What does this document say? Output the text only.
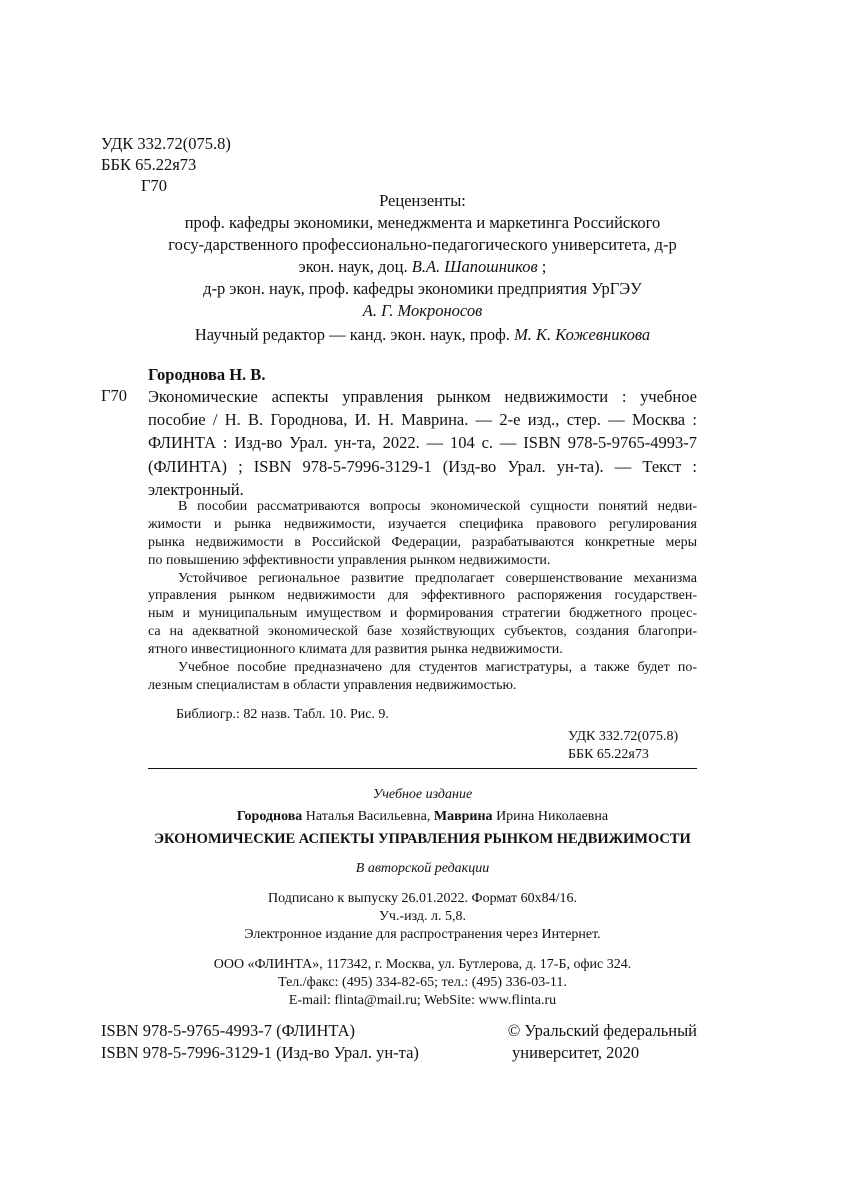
УДК 332.72(075.8)
ББК 65.22я73
Г70
Рецензенты:
проф. кафедры экономики, менеджмента и маркетинга Российского
госу-дарственного профессионально-педагогического университета, д-р
экон. наук, доц. В.А. Шапошников ;
д-р экон. наук, проф. кафедры экономики предприятия УрГЭУ
А. Г. Мокроносов
Научный редактор — канд. экон. наук, проф. М. К. Кожевникова
Городнова Н. В.
Г70 Экономические аспекты управления рынком недвижимости : учебное
пособие / Н. В. Городнова, И. Н. Маврина. — 2-е изд., стер. — Москва :
ФЛИНТА : Изд-во Урал. ун-та, 2022. — 104 с. — ISBN 978-5-9765-4993-7
(ФЛИНТА) ; ISBN 978-5-7996-3129-1 (Изд-во Урал. ун-та). — Текст :
электронный.
В пособии рассматриваются вопросы экономической сущности понятий недви-
жимости и рынка недвижимости, изучается специфика правового регулирования
рынка недвижимости в Российской Федерации, разрабатываются конкретные меры
по повышению эффективности управления рынком недвижимости.
Устойчивое региональное развитие предполагает совершенствование механизма
управления рынком недвижимости для эффективного распоряжения государствен-
ным и муниципальным имуществом и формирования стратегии бюджетного процес-
са на адекватной экономической базе хозяйствующих субъектов, создания благопри-
ятного инвестиционного климата для развития рынка недвижимости.
Учебное пособие предназначено для студентов магистратуры, а также будет по-
лезным специалистам в области управления недвижимостью.
Библиогр.: 82 назв. Табл. 10. Рис. 9.
УДК 332.72(075.8)
ББК 65.22я73
Учебное издание
Городнова Наталья Васильевна, Маврина Ирина Николаевна
ЭКОНОМИЧЕСКИЕ АСПЕКТЫ УПРАВЛЕНИЯ РЫНКОМ НЕДВИЖИМОСТИ
В авторской редакции
Подписано к выпуску 26.01.2022. Формат 60х84/16.
Уч.-изд. л. 5,8.
Электронное издание для распространения через Интернет.
ООО «ФЛИНТА», 117342, г. Москва, ул. Бутлерова, д. 17-Б, офис 324.
Тел./факс: (495) 334-82-65; тел.: (495) 336-03-11.
E-mail: flinta@mail.ru; WebSite: www.flinta.ru
ISBN 978-5-9765-4993-7 (ФЛИНТА)
ISBN 978-5-7996-3129-1 (Изд-во Урал. ун-та)
© Уральский федеральный
университет, 2020
